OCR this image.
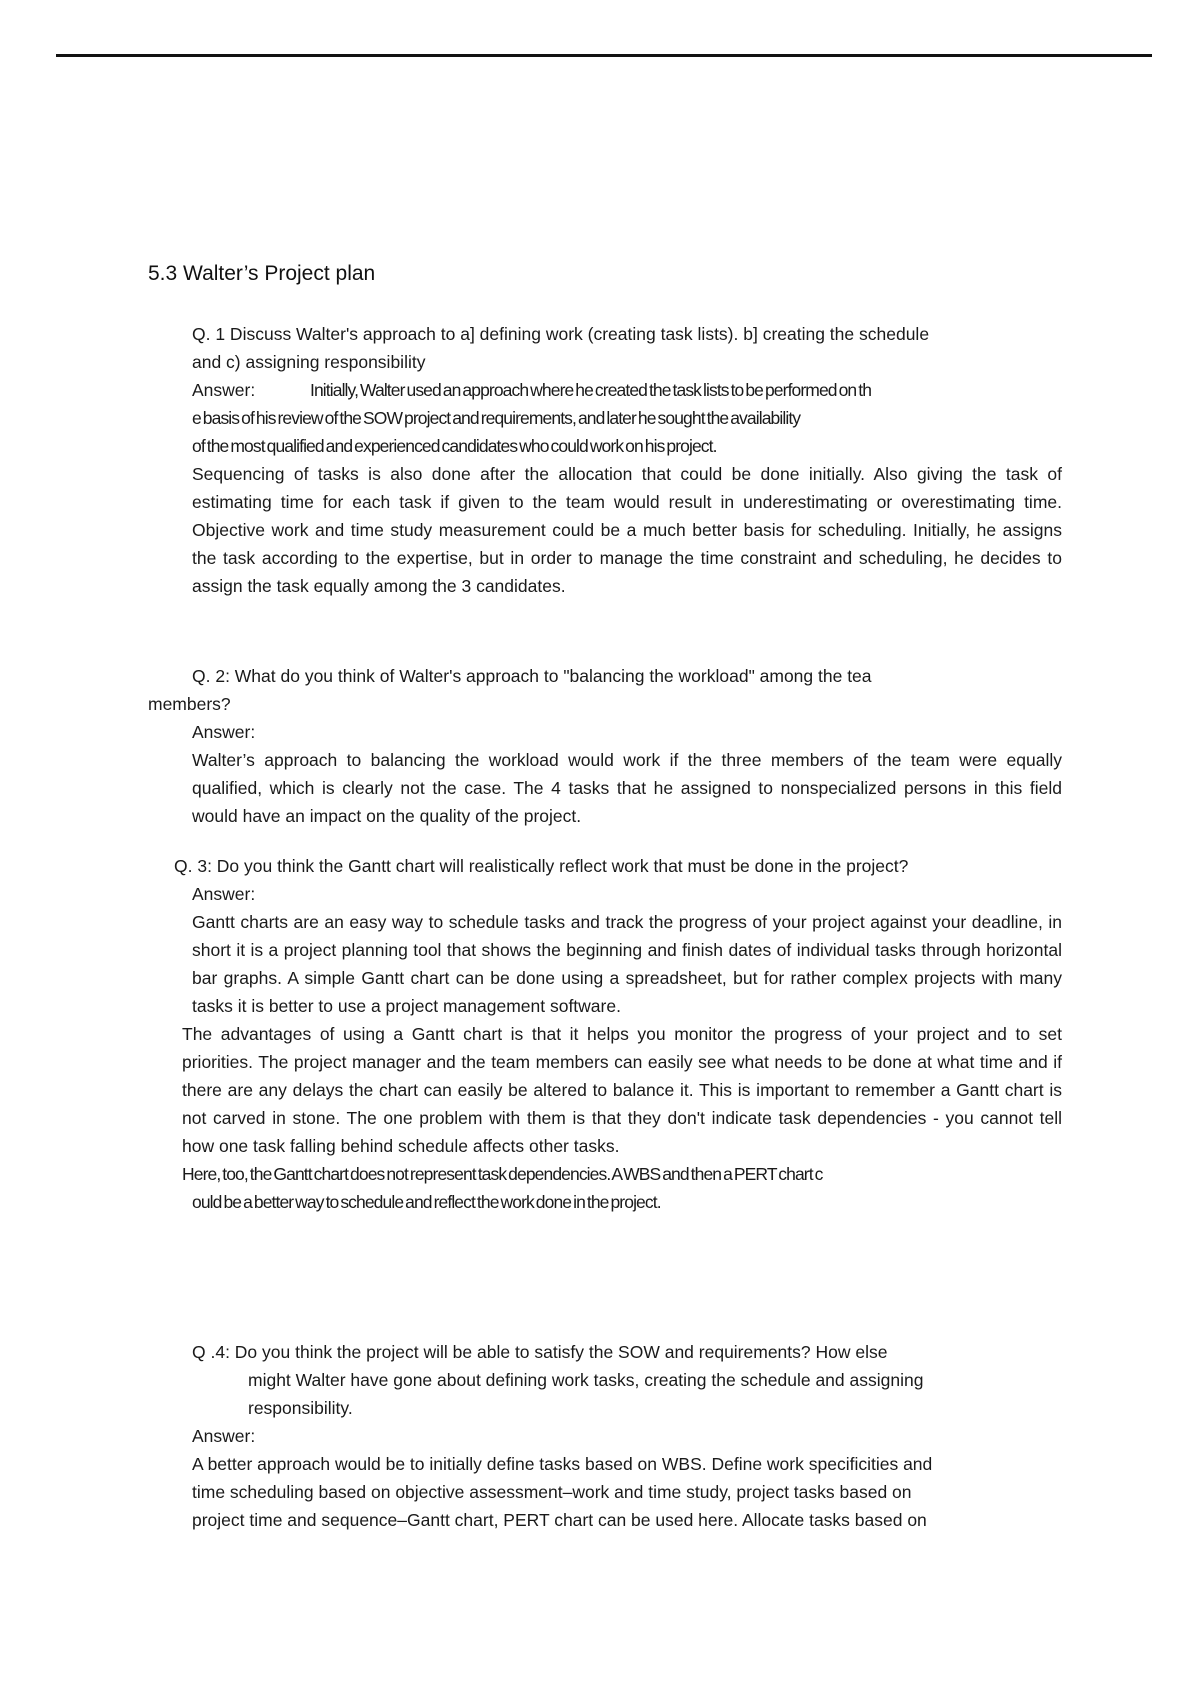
5.3 Walter’s Project plan

Q. 1 Discuss Walter's approach to a] defining work (creating task lists). b] creating the schedule

and c) assigning responsibility

Answer:	Initially, Walter used an approach where he created the task lists to be performed on th

e basis of his review of the SOW project and requirements, and later he sought the availability

of the most qualified and experienced candidates who could work on his project.

Sequencing of tasks is also done after the allocation that could be done initially. Also giving the task of estimating time for each task if given to the team would result in underestimating or overestimating time. Objective work and time study measurement could be a much better basis for scheduling. Initially, he assigns the task according to the expertise, but in order to manage the time constraint and scheduling, he decides to assign the task equally among the 3 candidates.

Q. 2: What do you think of Walter's approach to "balancing the workload" among the tea

members?

Answer:

Walter’s approach to balancing the workload would work if the three members of the team were equally qualified, which is clearly not the case. The 4 tasks that he assigned to nonspecialized persons in this field would have an impact on the quality of the project.

Q. 3: Do you think the Gantt chart will realistically reflect work that must be done in the project?

Answer:

Gantt charts are an easy way to schedule tasks and track the progress of your project against your deadline, in short it is a project planning tool that shows the beginning and finish dates of individual tasks through horizontal bar graphs. A simple Gantt chart can be done using a spreadsheet, but for rather complex projects with many tasks it is better to use a project management software.

The advantages of using a Gantt chart is that it helps you monitor the progress of your project and to set priorities. The project manager and the team members can easily see what needs to be done at what time and if there are any delays the chart can easily be altered to balance it. This is important to remember a Gantt chart is not carved in stone. The one problem with them is that they don't indicate task dependencies - you cannot tell how one task falling behind schedule affects other tasks.

Here, too, the Gantt chart does not represent task dependencies. A WBS and then a PERT chart c

ould be a better way to schedule and reflect the work done in the project.

Q .4: Do you think the project will be able to satisfy the SOW and requirements? How else

might Walter have gone about defining work tasks, creating the schedule and assigning

responsibility.

Answer:

A better approach would be to initially define tasks based on WBS. Define work specificities and

time scheduling based on objective assessment–work and time study, project tasks based on

project time and sequence–Gantt chart, PERT chart can be used here. Allocate tasks based on
